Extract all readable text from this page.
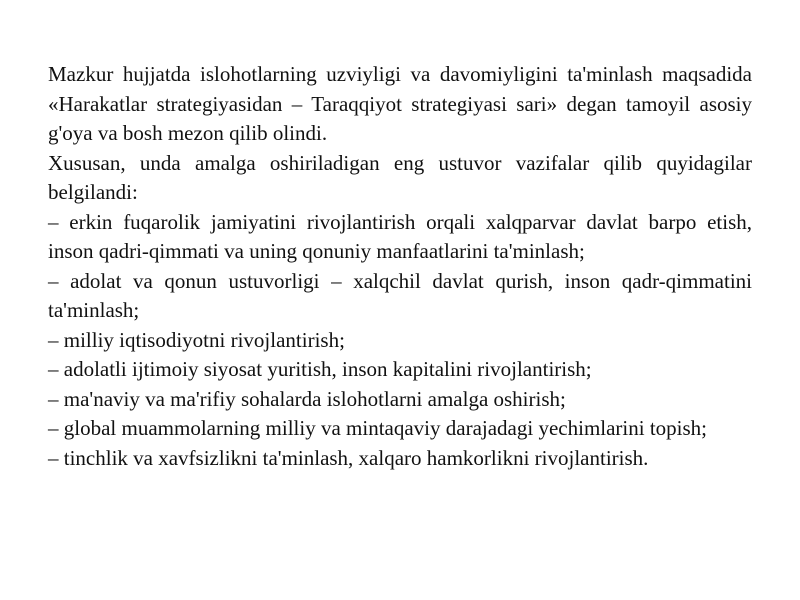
Mazkur hujjatda islohotlarning uzviyligi va davomiyligini ta'minlash maqsadida «Harakatlar strategiyasidan – Taraqqiyot strategiyasi sari» degan tamoyil asosiy g'oya va bosh mezon qilib olindi.

Xususan, unda amalga oshiriladigan eng ustuvor vazifalar qilib quyidagilar belgilandi:

– erkin fuqarolik jamiyatini rivojlantirish orqali xalqparvar davlat barpo etish, inson qadri-qimmati va uning qonuniy manfaatlarini ta'minlash;
– adolat va qonun ustuvorligi – xalqchil davlat qurish, inson qadr-qimmatini ta'minlash;
– milliy iqtisodiyotni rivojlantirish;
– adolatli ijtimoiy siyosat yuritish, inson kapitalini rivojlantirish;
– ma'naviy va ma'rifiy sohalarda islohotlarni amalga oshirish;
– global muammolarning milliy va mintaqaviy darajadagi yechimlarini topish;
– tinchlik va xavfsizlikni ta'minlash, xalqaro hamkorlikni rivojlantirish.
